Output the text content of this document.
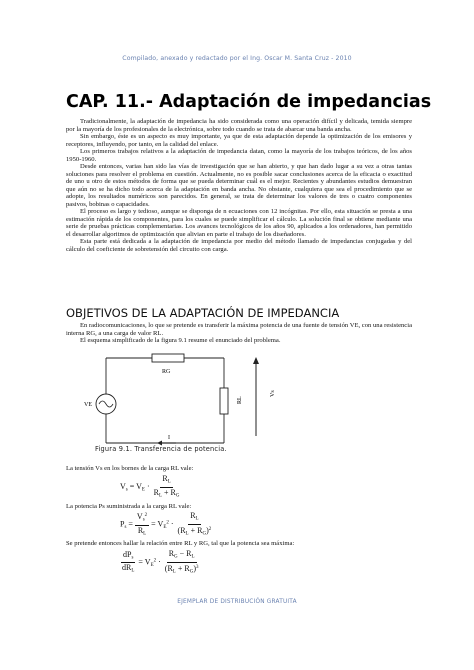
Compilado, anexado y redactado por el Ing. Oscar M. Santa Cruz - 2010
CAP. 11.- Adaptación de impedancias

Tradicionalmente, la adaptación de impedancia ha sido considerada como una operación difícil y delicada, temida siempre por la mayoría de los profesionales de la electrónica, sobre todo cuando se trata de abarcar una banda ancha.

Sin embargo, éste es un aspecto es muy importante, ya que de esta adaptación depende la optimización de los emisores y receptores, influyendo, por tanto, en la calidad del enlace.

Los primeros trabajos relativos a la adaptación de impedancia datan, como la mayoría de los trabajos teóricos, de los años 1950-1960.

Desde entonces, varias han sido las vías de investigación que se han abierto, y que han dado lugar a su vez a otras tantas soluciones para resolver el problema en cuestión. Actualmente, no es posible sacar conclusiones acerca de la eficacia o exactitud de uno u otro de estos métodos de forma que se pueda determinar cuál es el mejor. Recientes y abundantes estudios demuestran que aún no se ha dicho todo acerca de la adaptación en banda ancha. No obstante, cualquiera que sea el procedimiento que se adopte, los resultados numéricos son parecidos. En general, se trata de determinar los valores de tres o cuatro componentes pasivos, bobinas o capacidades.

El proceso es largo y tedioso, aunque se disponga de n ecuaciones con 12 incógnitas. Por ello, esta situación se presta a una estimación rápida de los componentes, para los cuales se puede simplificar el cálculo. La solución final se obtiene mediante una serie de pruebas prácticas complementarias. Los avances tecnológicos de los años 90, aplicados a los ordenadores, han permitido el desarrollar algoritmos de optimización que alivian en parte el trabajo de los diseñadores.

Esta parte está dedicada a la adaptación de impedancia por medio del método llamado de impedancias conjugadas y del cálculo del coeficiente de sobretensión del circuito con carga.

OBJETIVOS DE LA ADAPTACIÓN DE IMPEDANCIA

En radiocomunicaciones, lo que se pretende es transferir la máxima potencia de una fuente de tensión VE, con una resistencia interna RG, a una carga de valor RL.

El esquema simplificado de la figura 9.1 resume el enunciado del problema.

VE
RG
RL
I
Vs
Figura 9.1. Transferencia de potencia.
La tensión Vs en los bornes de la carga RL vale:
$V_s = V_E \cdot \frac{R_L}{R_L + R_G}$
La potencia Ps suministrada a la carga RL vale:
$P_s = \frac{V_s^2}{R_L} = V_E^2 \cdot \frac{R_L}{(R_L + R_G)^2}$
Se pretende entonces hallar la relación entre RL y RG, tal que la potencia sea máxima:
$\frac{dP_s}{dR_L} = V_E^2 \cdot \frac{R_G - R_L}{(R_L + R_G)^3}$
EJEMPLAR DE DISTRIBUCIÓN GRATUITA
